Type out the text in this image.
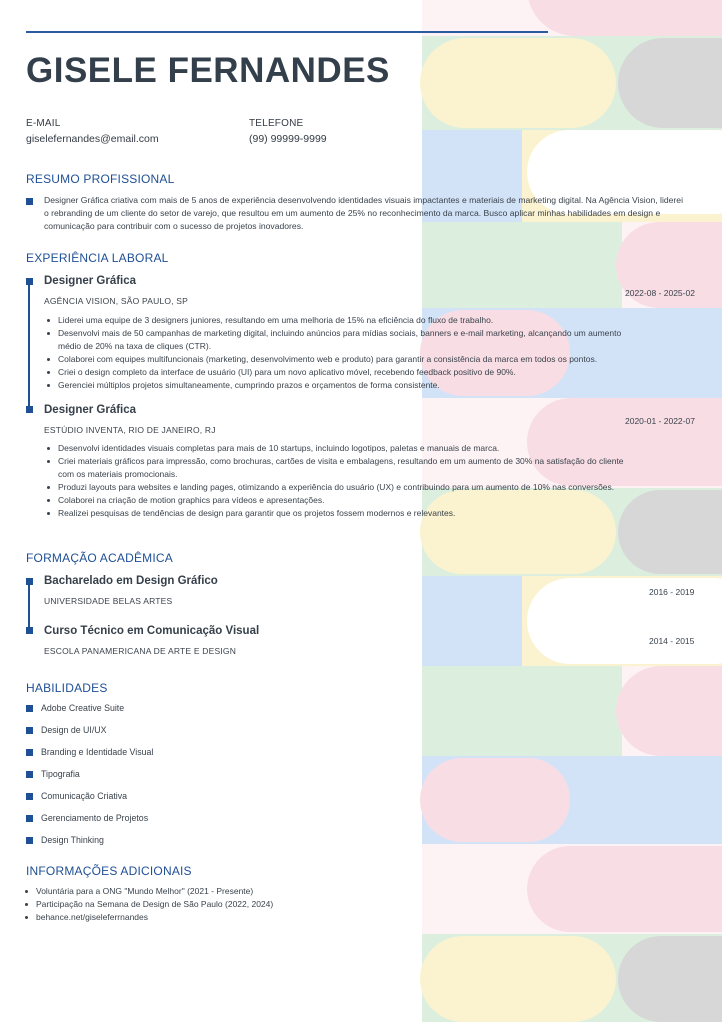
GISELE FERNANDES
E-MAIL
giselefernandes@email.com
TELEFONE
(99) 99999-9999
RESUMO PROFISSIONAL
Designer Gráfica criativa com mais de 5 anos de experiência desenvolvendo identidades visuais impactantes e materiais de marketing digital. Na Agência Vision, liderei o rebranding de um cliente do setor de varejo, que resultou em um aumento de 25% no reconhecimento da marca. Busco aplicar minhas habilidades em design e comunicação para contribuir com o sucesso de projetos inovadores.
EXPERIÊNCIA LABORAL
Designer Gráfica
AGÊNCIA VISION, SÃO PAULO, SP
2022-08 - 2025-02
Liderei uma equipe de 3 designers juniores, resultando em uma melhoria de 15% na eficiência do fluxo de trabalho.
Desenvolvi mais de 50 campanhas de marketing digital, incluindo anúncios para mídias sociais, banners e e-mail marketing, alcançando um aumento médio de 20% na taxa de cliques (CTR).
Colaborei com equipes multifuncionais (marketing, desenvolvimento web e produto) para garantir a consistência da marca em todos os pontos.
Criei o design completo da interface de usuário (UI) para um novo aplicativo móvel, recebendo feedback positivo de 90%.
Gerenciei múltiplos projetos simultaneamente, cumprindo prazos e orçamentos de forma consistente.
Designer Gráfica
ESTÚDIO INVENTA, RIO DE JANEIRO, RJ
2020-01 - 2022-07
Desenvolvi identidades visuais completas para mais de 10 startups, incluindo logotipos, paletas e manuais de marca.
Criei materiais gráficos para impressão, como brochuras, cartões de visita e embalagens, resultando em um aumento de 30% na satisfação do cliente com os materiais promocionais.
Produzi layouts para websites e landing pages, otimizando a experiência do usuário (UX) e contribuindo para um aumento de 10% nas conversões.
Colaborei na criação de motion graphics para vídeos e apresentações.
Realizei pesquisas de tendências de design para garantir que os projetos fossem modernos e relevantes.
FORMAÇÃO ACADÊMICA
Bacharelado em Design Gráfico
UNIVERSIDADE BELAS ARTES
2016 - 2019
Curso Técnico em Comunicação Visual
ESCOLA PANAMERICANA DE ARTE E DESIGN
2014 - 2015
HABILIDADES
Adobe Creative Suite
Design de UI/UX
Branding e Identidade Visual
Tipografia
Comunicação Criativa
Gerenciamento de Projetos
Design Thinking
INFORMAÇÕES ADICIONAIS
Voluntária para a ONG "Mundo Melhor" (2021 - Presente)
Participação na Semana de Design de São Paulo (2022, 2024)
behance.net/giseleferrnandes
